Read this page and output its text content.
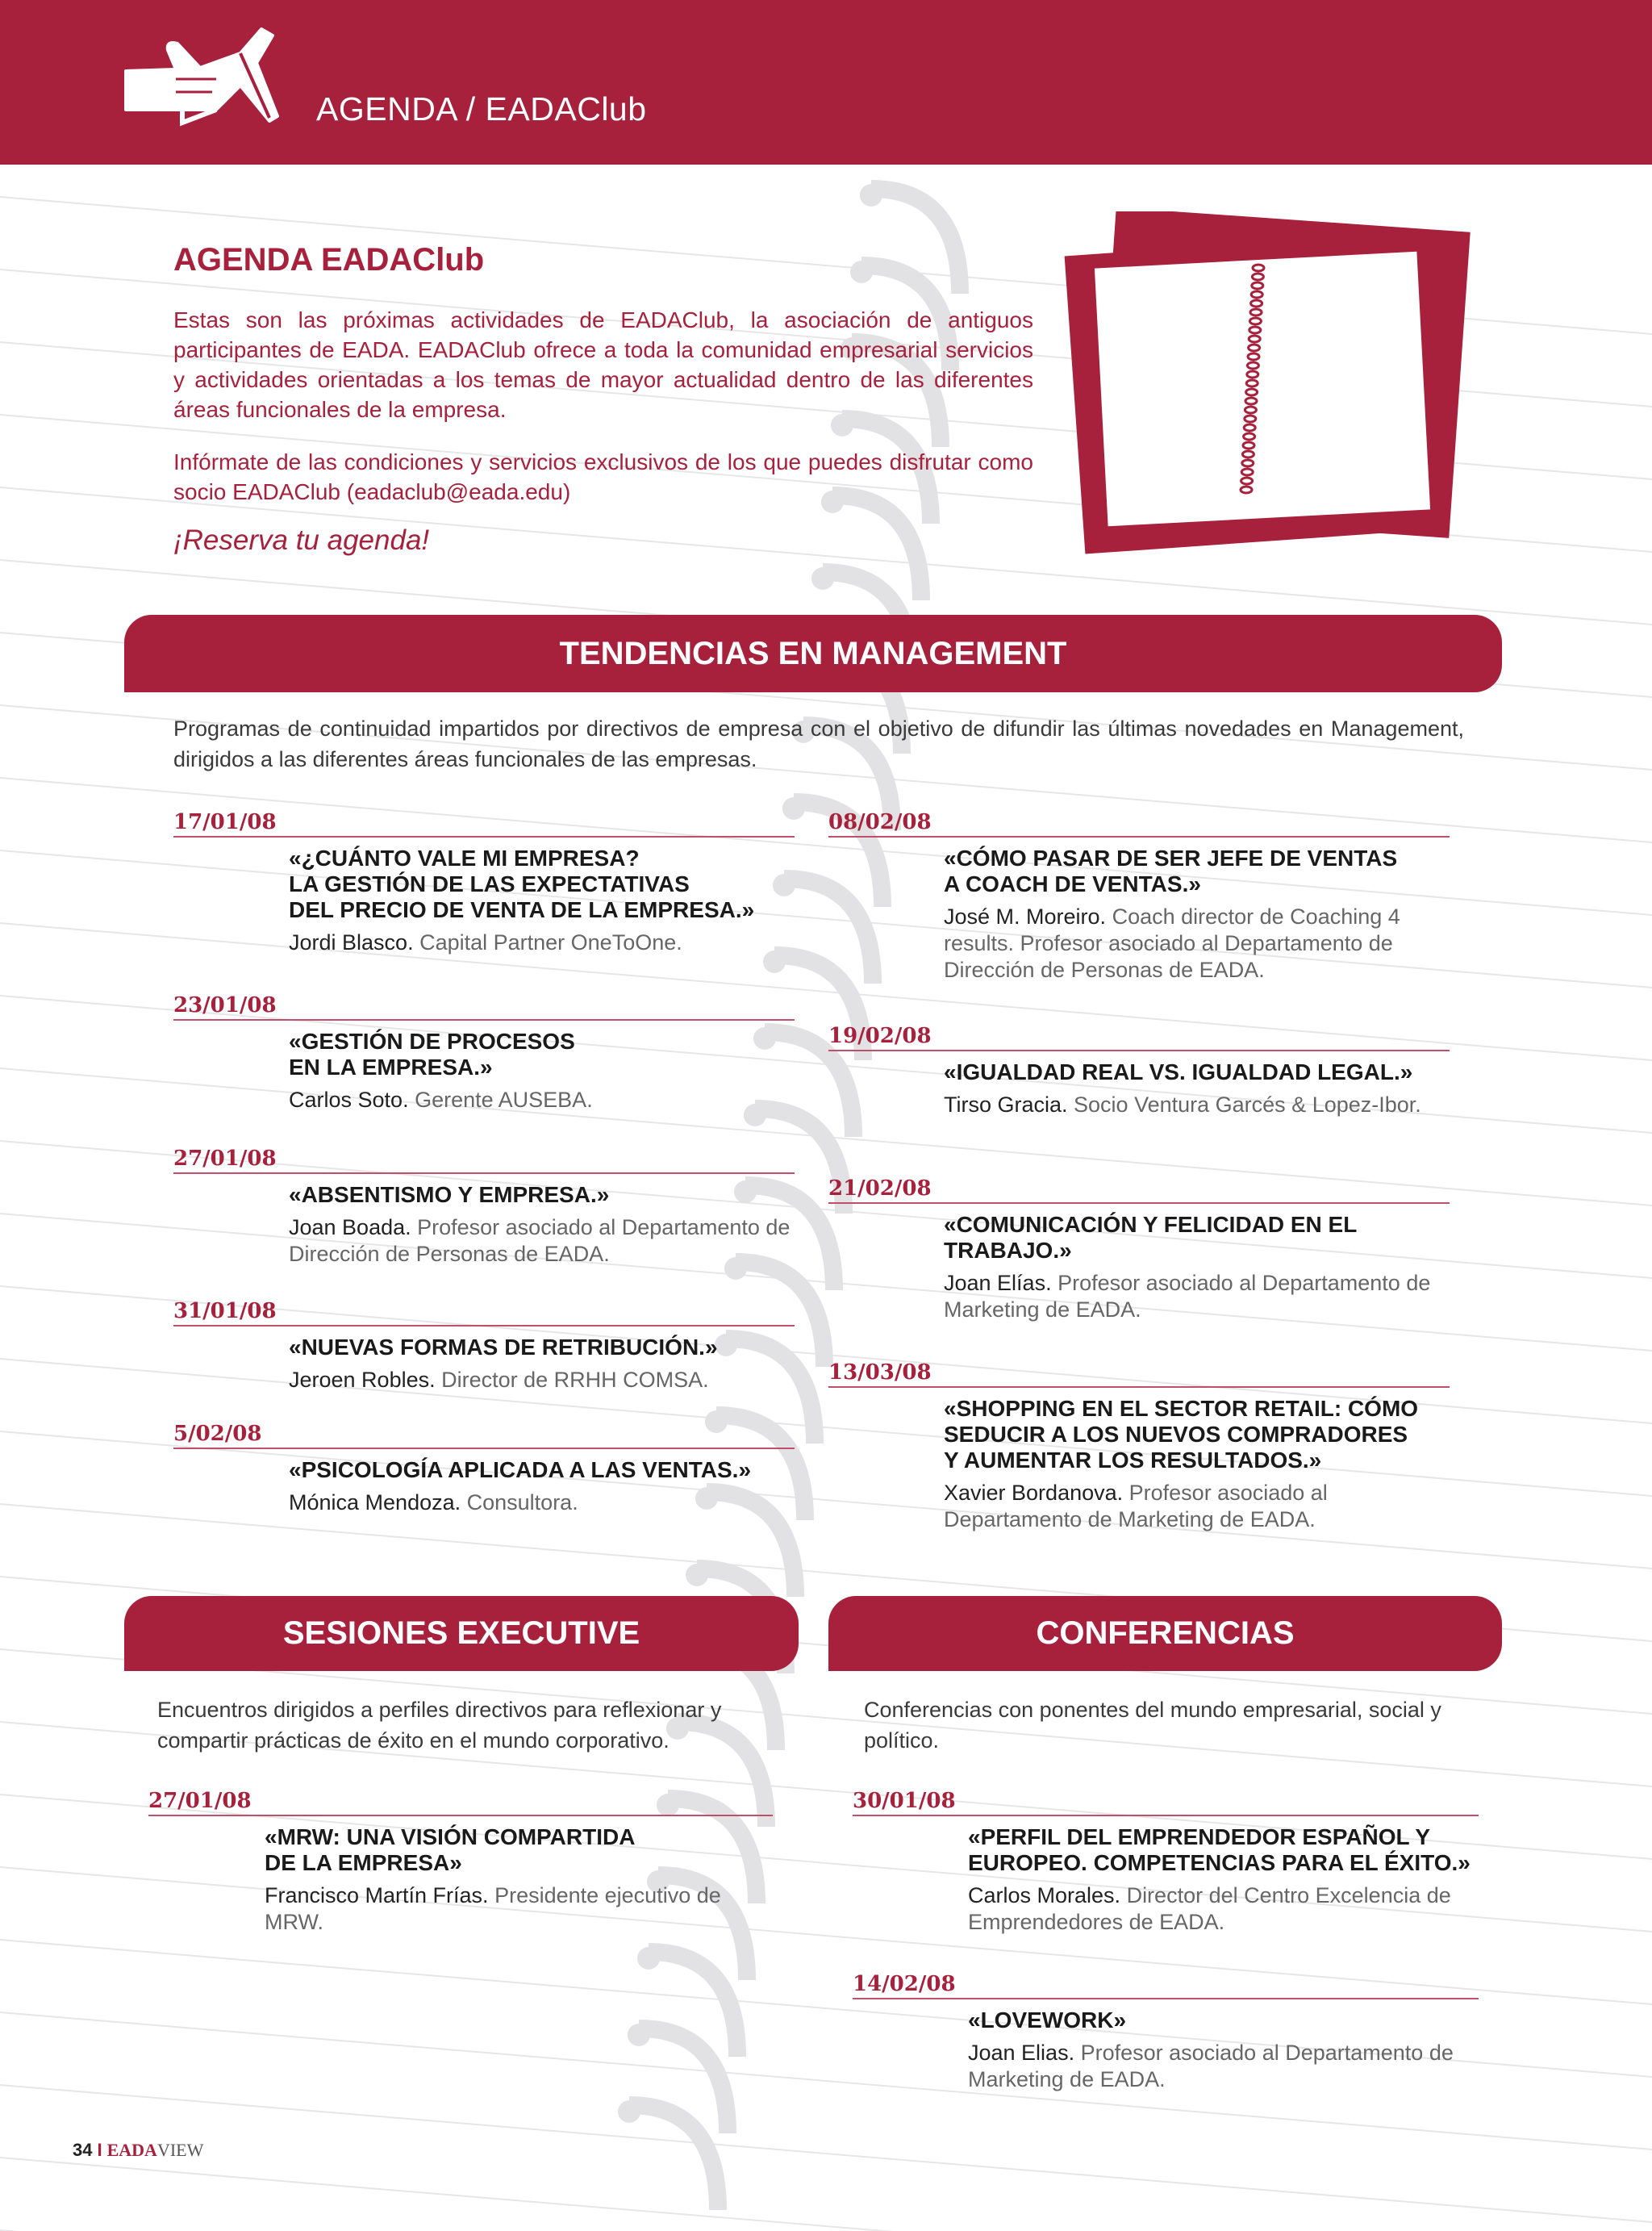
AGENDA / EADAClub
AGENDA EADAClub
Estas son las próximas actividades de EADAClub, la asociación de antiguos participantes de EADA. EADAClub ofrece a toda la comunidad empresarial servicios y actividades orientadas a los temas de mayor actualidad dentro de las diferentes áreas funcionales de la empresa.
Infórmate de las condiciones y servicios exclusivos de los que puedes disfrutar como socio EADAClub (eadaclub@eada.edu)
¡Reserva tu agenda!
TENDENCIAS EN MANAGEMENT
Programas de continuidad impartidos por directivos de empresa con el objetivo de difundir las últimas novedades en Management, dirigidos a las diferentes áreas funcionales de las empresas.
17/01/08
«¿CUÁNTO VALE MI EMPRESA?
LA GESTIÓN DE LAS EXPECTATIVAS
DEL PRECIO DE VENTA DE LA EMPRESA.»
Jordi Blasco. Capital Partner OneToOne.
23/01/08
«GESTIÓN DE PROCESOS
EN LA EMPRESA.»
Carlos Soto. Gerente AUSEBA.
27/01/08
«ABSENTISMO Y EMPRESA.»
Joan Boada. Profesor asociado al Departamento de Dirección de Personas de EADA.
31/01/08
«NUEVAS FORMAS DE RETRIBUCIÓN.»
Jeroen Robles. Director de RRHH COMSA.
5/02/08
«PSICOLOGÍA APLICADA A LAS VENTAS.»
Mónica Mendoza. Consultora.
08/02/08
«CÓMO PASAR DE SER JEFE DE VENTAS
A COACH DE VENTAS.»
José M. Moreiro. Coach director de Coaching 4 results. Profesor asociado al Departamento de Dirección de Personas de EADA.
19/02/08
«IGUALDAD REAL VS. IGUALDAD LEGAL.»
Tirso Gracia. Socio Ventura Garcés & Lopez-Ibor.
21/02/08
«COMUNICACIÓN Y FELICIDAD EN EL
TRABAJO.»
Joan Elías. Profesor asociado al Departamento de Marketing de EADA.
13/03/08
«SHOPPING EN EL SECTOR RETAIL: CÓMO
SEDUCIR A LOS NUEVOS COMPRADORES
Y AUMENTAR LOS RESULTADOS.»
Xavier Bordanova. Profesor asociado al Departamento de Marketing de EADA.
SESIONES EXECUTIVE
Encuentros dirigidos a perfiles directivos para reflexionar y compartir prácticas de éxito en el mundo corporativo.
27/01/08
«MRW: UNA VISIÓN COMPARTIDA
DE LA EMPRESA»
Francisco Martín Frías. Presidente ejecutivo de MRW.
CONFERENCIAS
Conferencias con ponentes del mundo empresarial, social y político.
30/01/08
«PERFIL DEL EMPRENDEDOR ESPAÑOL Y
EUROPEO. COMPETENCIAS PARA EL ÉXITO.»
Carlos Morales. Director del Centro Excelencia de Emprendedores de EADA.
14/02/08
«LOVEWORK»
Joan Elias. Profesor asociado al Departamento de Marketing de EADA.
34 I EADAVIEW
